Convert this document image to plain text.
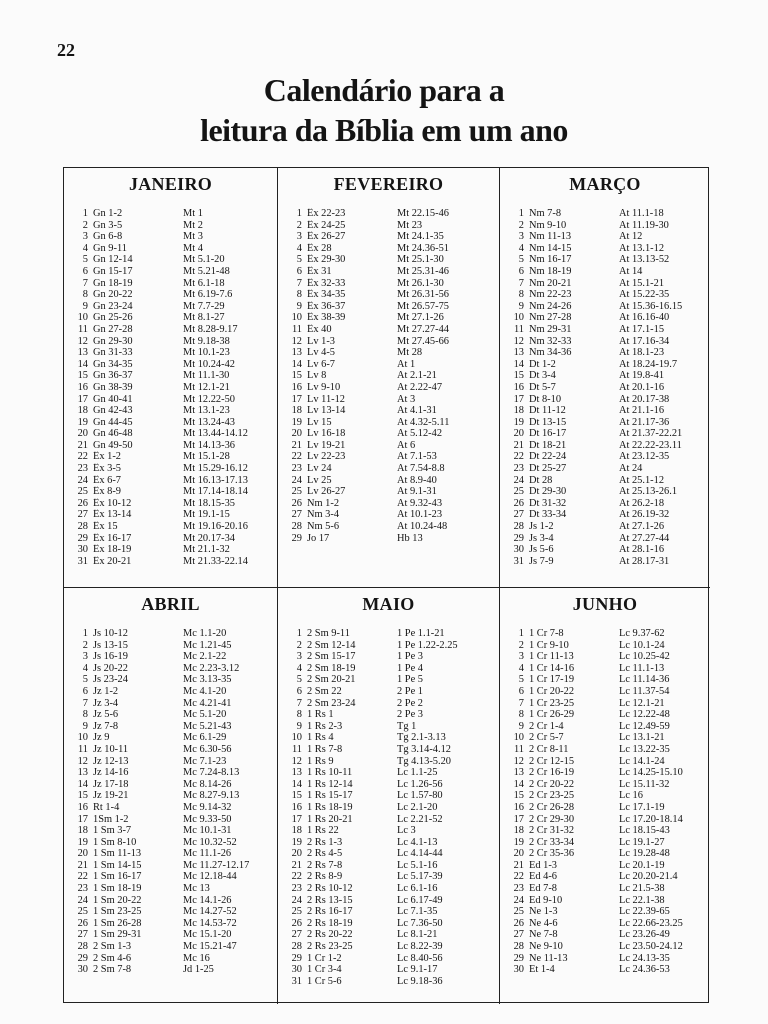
22
Calendário para a
leitura da Bíblia em um ano
JANEIRO
1 Gn 1-2	Mt 1
2 Gn 3-5	Mt 2
3 Gn 6-8	Mt 3
4 Gn 9-11	Mt 4
5 Gn 12-14	Mt 5.1-20
6 Gn 15-17	Mt 5.21-48
7 Gn 18-19	Mt 6.1-18
8 Gn 20-22	Mt 6.19-7.6
9 Gn 23-24	Mt 7.7-29
10 Gn 25-26	Mt 8.1-27
11 Gn 27-28	Mt 8.28-9.17
12 Gn 29-30	Mt 9.18-38
13 Gn 31-33	Mt 10.1-23
14 Gn 34-35	Mt 10.24-42
15 Gn 36-37	Mt 11.1-30
16 Gn 38-39	Mt 12.1-21
17 Gn 40-41	Mt 12.22-50
18 Gn 42-43	Mt 13.1-23
19 Gn 44-45	Mt 13.24-43
20 Gn 46-48	Mt 13.44-14.12
21 Gn 49-50	Mt 14.13-36
22 Êx 1-2	Mt 15.1-28
23 Êx 3-5	Mt 15.29-16.12
24 Êx 6-7	Mt 16.13-17.13
25 Êx 8-9	Mt 17.14-18.14
26 Êx 10-12	Mt 18.15-35
27 Êx 13-14	Mt 19.1-15
28 Êx 15	Mt 19.16-20.16
29 Êx 16-17	Mt 20.17-34
30 Êx 18-19	Mt 21.1-32
31 Êx 20-21	Mt 21.33-22.14
FEVEREIRO
1 Êx 22-23	Mt 22.15-46
2 Êx 24-25	Mt 23
3 Êx 26-27	Mt 24.1-35
4 Êx 28	Mt 24.36-51
5 Êx 29-30	Mt 25.1-30
6 Êx 31	Mt 25.31-46
7 Êx 32-33	Mt 26.1-30
8 Êx 34-35	Mt 26.31-56
9 Êx 36-37	Mt 26.57-75
10 Êx 38-39	Mt 27.1-26
11 Êx 40	Mt 27.27-44
12 Lv 1-3	Mt 27.45-66
13 Lv 4-5	Mt 28
14 Lv 6-7	At 1
15 Lv 8	At 2.1-21
16 Lv 9-10	At 2.22-47
17 Lv 11-12	At 3
18 Lv 13-14	At 4.1-31
19 Lv 15	At 4.32-5.11
20 Lv 16-18	At 5.12-42
21 Lv 19-21	At 6
22 Lv 22-23	At 7.1-53
23 Lv 24	At 7.54-8.8
24 Lv 25	At 8.9-40
25 Lv 26-27	At 9.1-31
26 Nm 1-2	At 9.32-43
27 Nm 3-4	At 10.1-23
28 Nm 5-6	At 10.24-48
29 Jo 17	Hb 13
MARÇO
1 Nm 7-8	At 11.1-18
2 Nm 9-10	At 11.19-30
3 Nm 11-13	At 12
4 Nm 14-15	At 13.1-12
5 Nm 16-17	At 13.13-52
6 Nm 18-19	At 14
7 Nm 20-21	At 15.1-21
8 Nm 22-23	At 15.22-35
9 Nm 24-26	At 15.36-16.15
10 Nm 27-28	At 16.16-40
11 Nm 29-31	At 17.1-15
12 Nm 32-33	At 17.16-34
13 Nm 34-36	At 18.1-23
14 Dt 1-2	At 18.24-19.7
15 Dt 3-4	At 19.8-41
16 Dt 5-7	At 20.1-16
17 Dt 8-10	At 20.17-38
18 Dt 11-12	At 21.1-16
19 Dt 13-15	At 21.17-36
20 Dt 16-17	At 21.37-22.21
21 Dt 18-21	At 22.22-23.11
22 Dt 22-24	At 23.12-35
23 Dt 25-27	At 24
24 Dt 28	At 25.1-12
25 Dt 29-30	At 25.13-26.1
26 Dt 31-32	At 26.2-18
27 Dt 33-34	At 26.19-32
28 Js 1-2	At 27.1-26
29 Js 3-4	At 27.27-44
30 Js 5-6	At 28.1-16
31 Js 7-9	At 28.17-31
ABRIL
1 Js 10-12	Mc 1.1-20
2 Js 13-15	Mc 1.21-45
3 Js 16-19	Mc 2.1-22
4 Js 20-22	Mc 2.23-3.12
5 Js 23-24	Mc 3.13-35
6 Jz 1-2	Mc 4.1-20
7 Jz 3-4	Mc 4.21-41
8 Jz 5-6	Mc 5.1-20
9 Jz 7-8	Mc 5.21-43
10 Jz 9	Mc 6.1-29
11 Jz 10-11	Mc 6.30-56
12 Jz 12-13	Mc 7.1-23
13 Jz 14-16	Mc 7.24-8.13
14 Jz 17-18	Mc 8.14-26
15 Jz 19-21	Mc 8.27-9.13
16 Rt 1-4	Mc 9.14-32
17 1Sm 1-2	Mc 9.33-50
18 1 Sm 3-7	Mc 10.1-31
19 1 Sm 8-10	Mc 10.32-52
20 1 Sm 11-13	Mc 11.1-26
21 1 Sm 14-15	Mc 11.27-12.17
22 1 Sm 16-17	Mc 12.18-44
23 1 Sm 18-19	Mc 13
24 1 Sm 20-22	Mc 14.1-26
25 1 Sm 23-25	Mc 14.27-52
26 1 Sm 26-28	Mc 14.53-72
27 1 Sm 29-31	Mc 15.1-20
28 2 Sm 1-3	Mc 15.21-47
29 2 Sm 4-6	Mc 16
30 2 Sm 7-8	Jd 1-25
MAIO
1 2 Sm 9-11	1 Pe 1.1-21
2 2 Sm 12-14	1 Pe 1.22-2.25
3 2 Sm 15-17	1 Pe 3
4 2 Sm 18-19	1 Pe 4
5 2 Sm 20-21	1 Pe 5
6 2 Sm 22	2 Pe 1
7 2 Sm 23-24	2 Pe 2
8 1 Rs 1	2 Pe 3
9 1 Rs 2-3	Tg 1
10 1 Rs 4	Tg 2.1-3.13
11 1 Rs 7-8	Tg 3.14-4.12
12 1 Rs 9	Tg 4.13-5.20
13 1 Rs 10-11	Lc 1.1-25
14 1 Rs 12-14	Lc 1.26-56
15 1 Rs 15-17	Lc 1.57-80
16 1 Rs 18-19	Lc 2.1-20
17 1 Rs 20-21	Lc 2.21-52
18 1 Rs 22	Lc 3
19 2 Rs 1-3	Lc 4.1-13
20 2 Rs 4-5	Lc 4.14-44
21 2 Rs 7-8	Lc 5.1-16
22 2 Rs 8-9	Lc 5.17-39
23 2 Rs 10-12	Lc 6.1-16
24 2 Rs 13-15	Lc 6.17-49
25 2 Rs 16-17	Lc 7.1-35
26 2 Rs 18-19	Lc 7.36-50
27 2 Rs 20-22	Lc 8.1-21
28 2 Rs 23-25	Lc 8.22-39
29 1 Cr 1-2	Lc 8.40-56
30 1 Cr 3-4	Lc 9.1-17
31 1 Cr 5-6	Lc 9.18-36
JUNHO
1 1 Cr 7-8	Lc 9.37-62
2 1 Cr 9-10	Lc 10.1-24
3 1 Cr 11-13	Lc 10.25-42
4 1 Cr 14-16	Lc 11.1-13
5 1 Cr 17-19	Lc 11.14-36
6 1 Cr 20-22	Lc 11.37-54
7 1 Cr 23-25	Lc 12.1-21
8 1 Cr 26-29	Lc 12.22-48
9 2 Cr 1-4	Lc 12.49-59
10 2 Cr 5-7	Lc 13.1-21
11 2 Cr 8-11	Lc 13.22-35
12 2 Cr 12-15	Lc 14.1-24
13 2 Cr 16-19	Lc 14.25-15.10
14 2 Cr 20-22	Lc 15.11-32
15 2 Cr 23-25	Lc 16
16 2 Cr 26-28	Lc 17.1-19
17 2 Cr 29-30	Lc 17.20-18.14
18 2 Cr 31-32	Lc 18.15-43
19 2 Cr 33-34	Lc 19.1-27
20 2 Cr 35-36	Lc 19.28-48
21 Ed 1-3	Lc 20.1-19
22 Ed 4-6	Lc 20.20-21.4
23 Ed 7-8	Lc 21.5-38
24 Ed 9-10	Lc 22.1-38
25 Ne 1-3	Lc 22.39-65
26 Ne 4-6	Lc 22.66-23.25
27 Ne 7-8	Lc 23.26-49
28 Ne 9-10	Lc 23.50-24.12
29 Ne 11-13	Lc 24.13-35
30 Et 1-4	Lc 24.36-53
